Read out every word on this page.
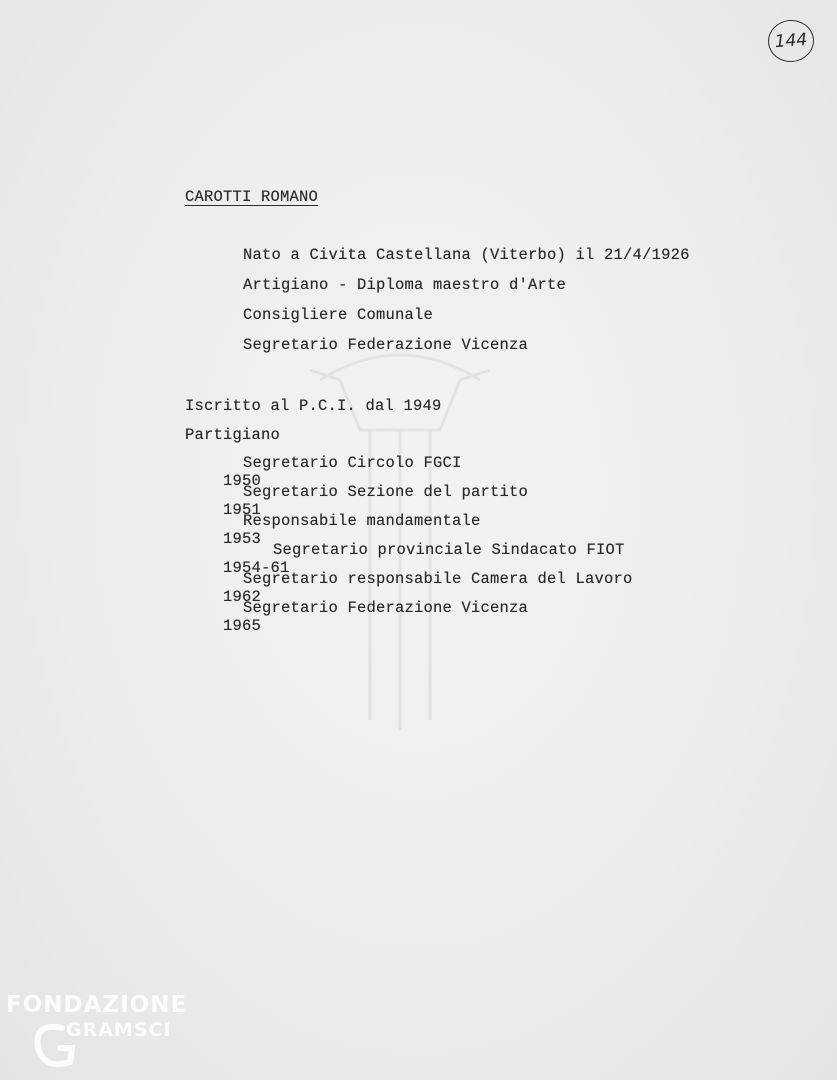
144
CAROTTI ROMANO
Nato a Civita Castellana (Viterbo) il 21/4/1926
Artigiano - Diploma maestro d'Arte
Consigliere Comunale
Segretario Federazione Vicenza
Iscritto al P.C.I. dal 1949
Partigiano

1950
Segretario Circolo FGCI

1951
Segretario Sezione del partito

1953
Responsabile mandamentale

1954-61
Segretario provinciale Sindacato FIOT

1962
Segretario responsabile Camera del Lavoro

1965
Segretario Federazione Vicenza

FONDAZIONE
GRAMSCI
